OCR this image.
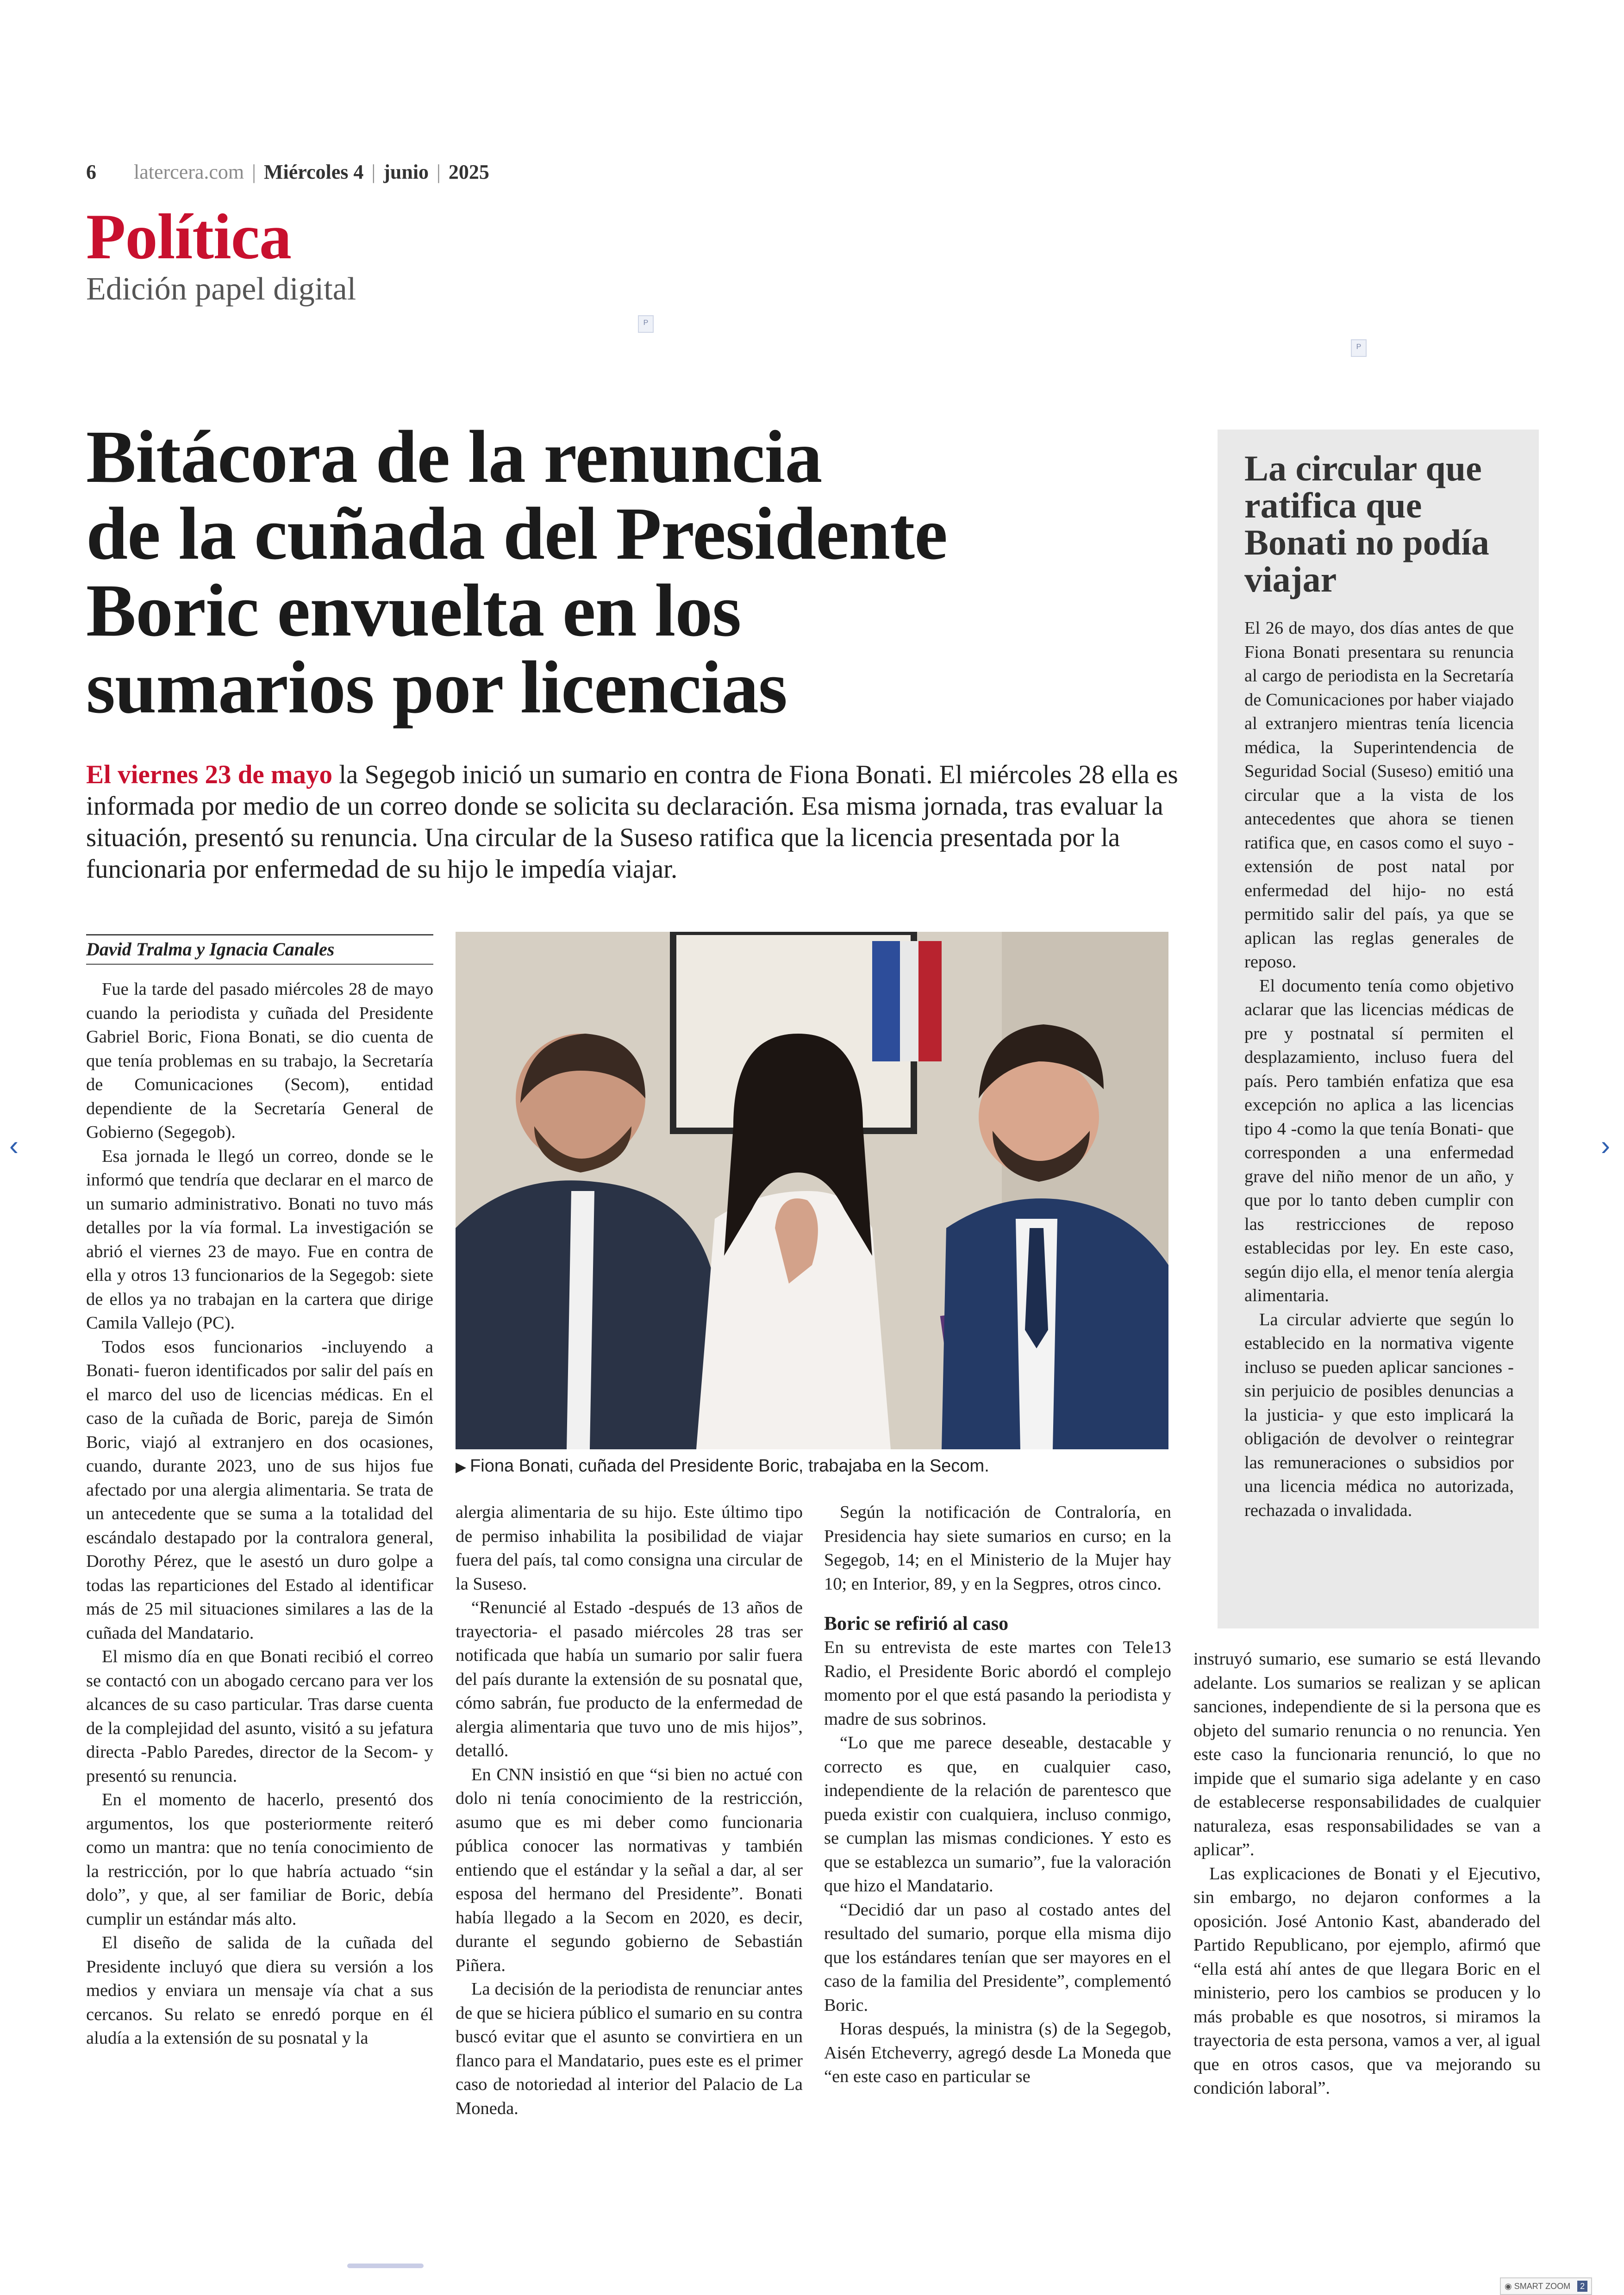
6 latercera.com | Miércoles 4 | junio | 2025
Política
Edición papel digital
P
P
Bitácora de la renuncia
de la cuñada del Presidente
Boric envuelta en los
sumarios por licencias
El viernes 23 de mayo la Segegob inició un sumario en contra de Fiona Bonati. El miércoles 28 ella es informada por medio de un correo donde se solicita su declaración. Esa misma jornada, tras evaluar la situación, presentó su renuncia. Una circular de la Suseso ratifica que la licencia presentada por la funcionaria por enfermedad de su hijo le impedía viajar.
David Tralma y Ignacia Canales

Fue la tarde del pasado miércoles 28 de mayo cuando la periodista y cuñada del Presidente Gabriel Boric, Fiona Bonati, se dio cuenta de que tenía problemas en su trabajo, la Secretaría de Comunicaciones (Secom), entidad dependiente de la Secretaría General de Gobierno (Segegob).

Esa jornada le llegó un correo, donde se le informó que tendría que declarar en el marco de un sumario administrativo. Bonati no tuvo más detalles por la vía formal. La investigación se abrió el viernes 23 de mayo. Fue en contra de ella y otros 13 funcionarios de la Segegob: siete de ellos ya no trabajan en la cartera que dirige Camila Vallejo (PC).

Todos esos funcionarios -incluyendo a Bonati- fueron identificados por salir del país en el marco del uso de licencias médicas. En el caso de la cuñada de Boric, pareja de Simón Boric, viajó al extranjero en dos ocasiones, cuando, durante 2023, uno de sus hijos fue afectado por una alergia alimentaria. Se trata de un antecedente que se suma a la totalidad del escándalo destapado por la contralora general, Dorothy Pérez, que le asestó un duro golpe a todas las reparticiones del Estado al identificar más de 25 mil situaciones similares a las de la cuñada del Mandatario.

El mismo día en que Bonati recibió el correo se contactó con un abogado cercano para ver los alcances de su caso particular. Tras darse cuenta de la complejidad del asunto, visitó a su jefatura directa -Pablo Paredes, director de la Secom- y presentó su renuncia.

En el momento de hacerlo, presentó dos argumentos, los que posteriormente reiteró como un mantra: que no tenía conocimiento de la restricción, por lo que habría actuado “sin dolo”, y que, al ser familiar de Boric, debía cumplir un estándar más alto.

El diseño de salida de la cuñada del Presidente incluyó que diera su versión a los medios y enviara un mensaje vía chat a sus cercanos. Su relato se enredó porque en él aludía a la extensión de su posnatal y la

▶ Fiona Bonati, cuñada del Presidente Boric, trabajaba en la Secom.

alergia alimentaria de su hijo. Este último tipo de permiso inhabilita la posibilidad de viajar fuera del país, tal como consigna una circular de la Suseso.

“Renuncié al Estado -después de 13 años de trayectoria- el pasado miércoles 28 tras ser notificada que había un sumario por salir fuera del país durante la extensión de su posnatal que, cómo sabrán, fue producto de la enfermedad de alergia alimentaria que tuvo uno de mis hijos”, detalló.

En CNN insistió en que “si bien no actué con dolo ni tenía conocimiento de la restricción, asumo que es mi deber como funcionaria pública conocer las normativas y también entiendo que el estándar y la señal a dar, al ser esposa del hermano del Presidente”. Bonati había llegado a la Secom en 2020, es decir, durante el segundo gobierno de Sebastián Piñera.

La decisión de la periodista de renunciar antes de que se hiciera público el sumario en su contra buscó evitar que el asunto se convirtiera en un flanco para el Mandatario, pues este es el primer caso de notoriedad al interior del Palacio de La Moneda.

Según la notificación de Contraloría, en Presidencia hay siete sumarios en curso; en la Segegob, 14; en el Ministerio de la Mujer hay 10; en Interior, 89, y en la Segpres, otros cinco.

Boric se refirió al caso

En su entrevista de este martes con Tele13 Radio, el Presidente Boric abordó el complejo momento por el que está pasando la periodista y madre de sus sobrinos.

“Lo que me parece deseable, destacable y correcto es que, en cualquier caso, independiente de la relación de parentesco que pueda existir con cualquiera, incluso conmigo, se cumplan las mismas condiciones. Y esto es que se establezca un sumario”, fue la valoración que hizo el Mandatario.

“Decidió dar un paso al costado antes del resultado del sumario, porque ella misma dijo que los estándares tenían que ser mayores en el caso de la familia del Presidente”, complementó Boric.

Horas después, la ministra (s) de la Segegob, Aisén Etcheverry, agregó desde La Moneda que “en este caso en particular se

instruyó sumario, ese sumario se está llevando adelante. Los sumarios se realizan y se aplican sanciones, independiente de si la persona que es objeto del sumario renuncia o no renuncia. Yen este caso la funcionaria renunció, lo que no impide que el sumario siga adelante y en caso de establecerse responsabilidades de cualquier naturaleza, esas responsabilidades se van a aplicar”.

Las explicaciones de Bonati y el Ejecutivo, sin embargo, no dejaron conformes a la oposición. José Antonio Kast, abanderado del Partido Republicano, por ejemplo, afirmó que “ella está ahí antes de que llegara Boric en el ministerio, pero los cambios se producen y lo más probable es que nosotros, si miramos la trayectoria de esta persona, vamos a ver, al igual que en otros casos, que va mejorando su condición laboral”.

La circular que ratifica que Bonati no podía viajar

El 26 de mayo, dos días antes de que Fiona Bonati presentara su renuncia al cargo de periodista en la Secretaría de Comunicaciones por haber viajado al extranjero mientras tenía licencia médica, la Superintendencia de Seguridad Social (Suseso) emitió una circular que a la vista de los antecedentes que ahora se tienen ratifica que, en casos como el suyo -extensión de post natal por enfermedad del hijo- no está permitido salir del país, ya que se aplican las reglas generales de reposo.

El documento tenía como objetivo aclarar que las licencias médicas de pre y postnatal sí permiten el desplazamiento, incluso fuera del país. Pero también enfatiza que esa excepción no aplica a las licencias tipo 4 -como la que tenía Bonati- que corresponden a una enfermedad grave del niño menor de un año, y que por lo tanto deben cumplir con las restricciones de reposo establecidas por ley. En este caso, según dijo ella, el menor tenía alergia alimentaria.

La circular advierte que según lo establecido en la normativa vigente incluso se pueden aplicar sanciones -sin perjuicio de posibles denuncias a la justicia- y que esto implicará la obligación de devolver o reintegrar las remuneraciones o subsidios por una licencia médica no autorizada, rechazada o invalidada.

‹	›
◉ SMART ZOOM 2
